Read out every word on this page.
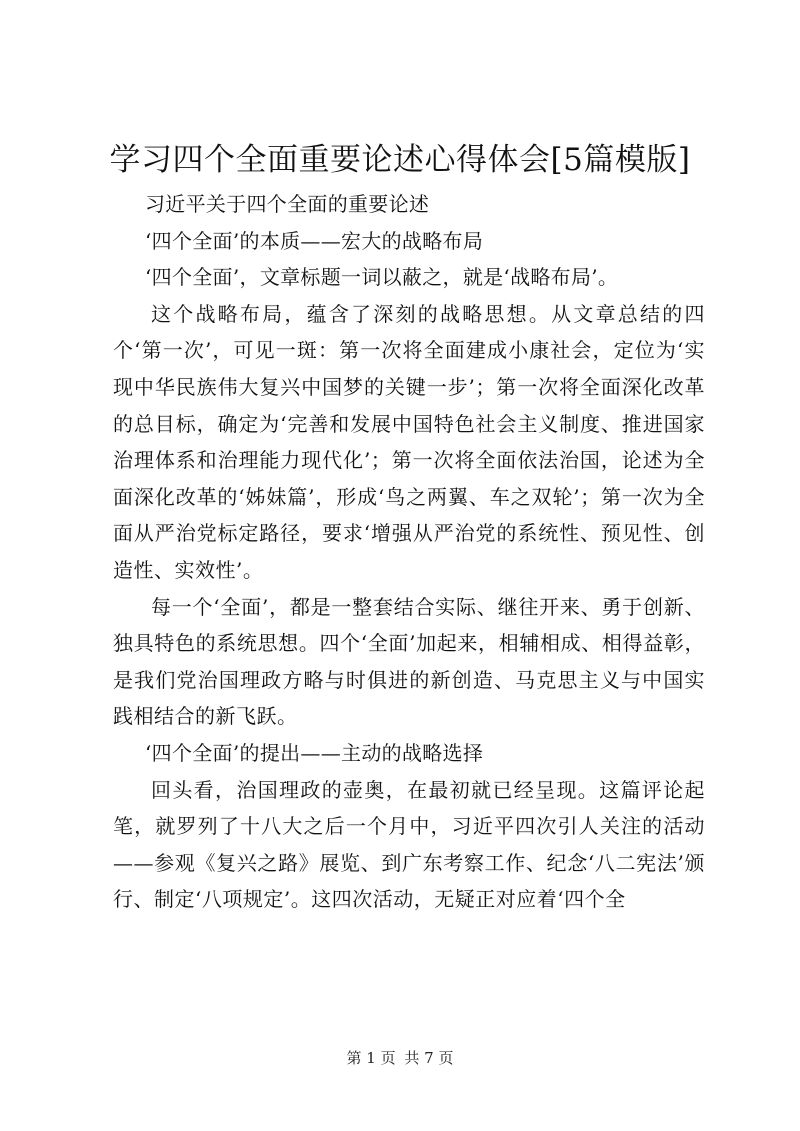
学习四个全面重要论述心得体会[5篇模版]

习近平关于四个全面的重要论述

‘四个全面’的本质——宏大的战略布局

‘四个全面’，文章标题一词以蔽之，就是‘战略布局’。

这个战略布局，蕴含了深刻的战略思想。从文章总结的四个‘第一次’，可见一斑：第一次将全面建成小康社会，定位为‘实现中华民族伟大复兴中国梦的关键一步’；第一次将全面深化改革的总目标，确定为‘完善和发展中国特色社会主义制度、推进国家治理体系和治理能力现代化’；第一次将全面依法治国，论述为全面深化改革的‘姊妹篇’，形成‘鸟之两翼、车之双轮’；第一次为全面从严治党标定路径，要求‘增强从严治党的系统性、预见性、创造性、实效性’。

每一个‘全面’，都是一整套结合实际、继往开来、勇于创新、独具特色的系统思想。四个‘全面’加起来，相辅相成、相得益彰，是我们党治国理政方略与时俱进的新创造、马克思主义与中国实践相结合的新飞跃。

‘四个全面’的提出——主动的战略选择

回头看，治国理政的壶奥，在最初就已经呈现。这篇评论起笔，就罗列了十八大之后一个月中，习近平四次引人关注的活动——参观《复兴之路》展览、到广东考察工作、纪念‘八二宪法’颁行、制定‘八项规定’。这四次活动，无疑正对应着‘四个全

第 1 页 共 7 页
